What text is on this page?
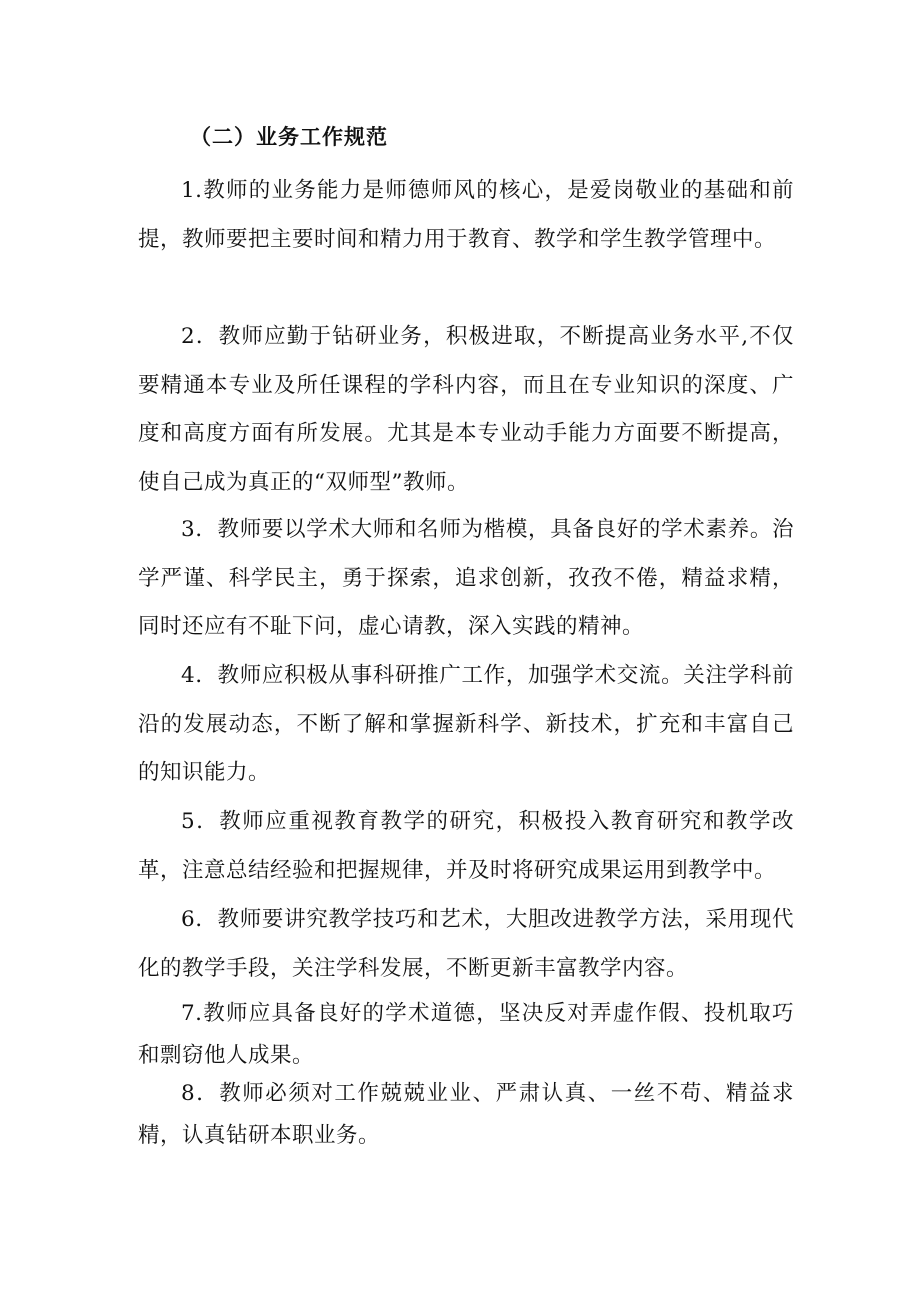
（二）业务工作规范

1.教师的业务能力是师德师风的核心，是爱岗敬业的基础和前提，教师要把主要时间和精力用于教育、教学和学生教学管理中。

2．教师应勤于钻研业务，积极进取，不断提高业务水平,不仅要精通本专业及所任课程的学科内容，而且在专业知识的深度、广度和高度方面有所发展。尤其是本专业动手能力方面要不断提高，使自己成为真正的“双师型”教师。

3．教师要以学术大师和名师为楷模，具备良好的学术素养。治学严谨、科学民主，勇于探索，追求创新，孜孜不倦，精益求精，同时还应有不耻下问，虚心请教，深入实践的精神。

4．教师应积极从事科研推广工作，加强学术交流。关注学科前沿的发展动态，不断了解和掌握新科学、新技术，扩充和丰富自己的知识能力。

5．教师应重视教育教学的研究，积极投入教育研究和教学改革，注意总结经验和把握规律，并及时将研究成果运用到教学中。

6．教师要讲究教学技巧和艺术，大胆改进教学方法，采用现代化的教学手段，关注学科发展，不断更新丰富教学内容。

7.教师应具备良好的学术道德，坚决反对弄虚作假、投机取巧和剽窃他人成果。

8．教师必须对工作兢兢业业、严肃认真、一丝不苟、精益求精，认真钻研本职业务。
